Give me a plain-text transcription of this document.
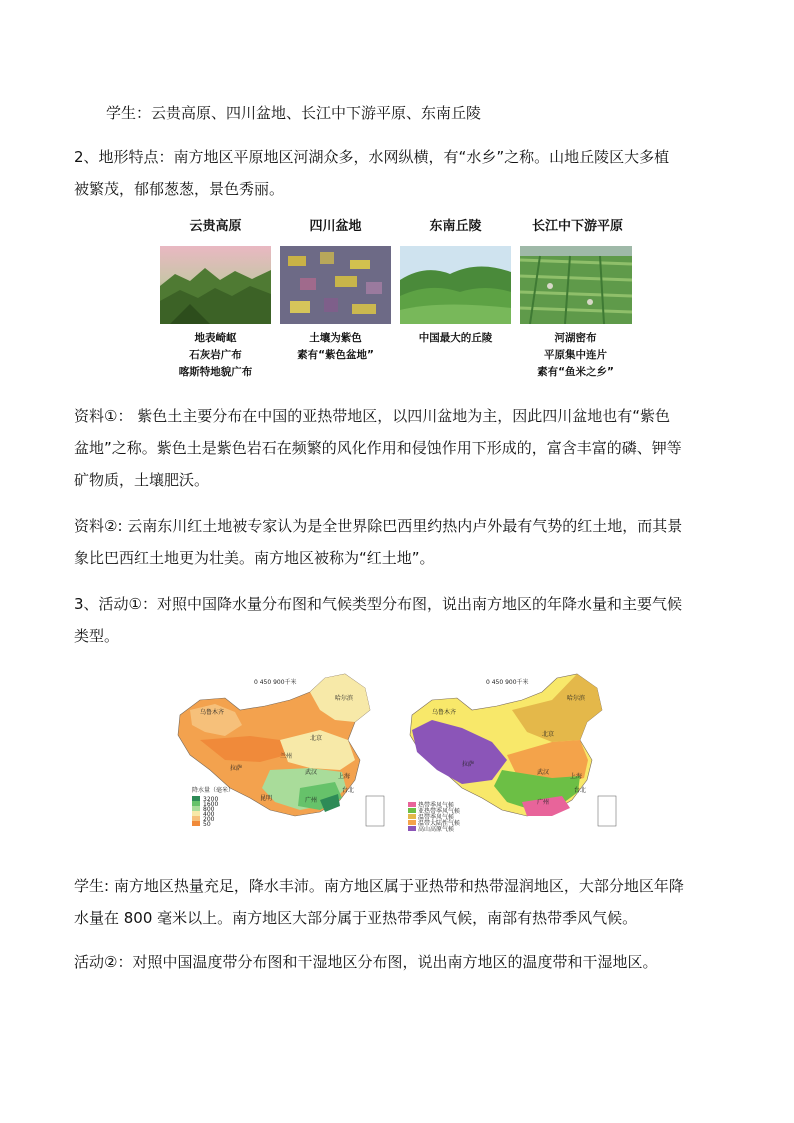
学生：云贵高原、四川盆地、长江中下游平原、东南丘陵

2、地形特点：南方地区平原地区河湖众多，水网纵横，有“水乡”之称。山地丘陵区大多植

被繁茂，郁郁葱葱，景色秀丽。

云贵高原
地表崎岖
石灰岩广布
喀斯特地貌广布
四川盆地
土壤为紫色
素有“紫色盆地”
东南丘陵
中国最大的丘陵
长江中下游平原
河湖密布
平原集中连片
素有“鱼米之乡”

资料①： 紫色土主要分布在中国的亚热带地区，以四川盆地为主，因此四川盆地也有“紫色

盆地”之称。紫色土是紫色岩石在频繁的风化作用和侵蚀作用下形成的，富含丰富的磷、钾等

矿物质，土壤肥沃。

资料②: 云南东川红土地被专家认为是全世界除巴西里约热内卢外最有气势的红土地，而其景

象比巴西红土地更为壮美。南方地区被称为“红土地”。

3、活动①：对照中国降水量分布图和气候类型分布图，说出南方地区的年降水量和主要气候

类型。

0 450 900千米
乌鲁木齐
哈尔滨
北京
兰州
武汉
拉萨
上海
昆明	广州
台北
降水量（毫米）
3200
1600
800
400
200
50
0 450 900千米
乌鲁木齐
哈尔滨
北京
拉萨
武汉
上海
广州
台北
热带季风气候
亚热带季风气候
温带季风气候
温带大陆性气候
高山高原气候

学生: 南方地区热量充足，降水丰沛。南方地区属于亚热带和热带湿润地区，大部分地区年降

水量在 800 毫米以上。南方地区大部分属于亚热带季风气候，南部有热带季风气候。

活动②：对照中国温度带分布图和干湿地区分布图，说出南方地区的温度带和干湿地区。
